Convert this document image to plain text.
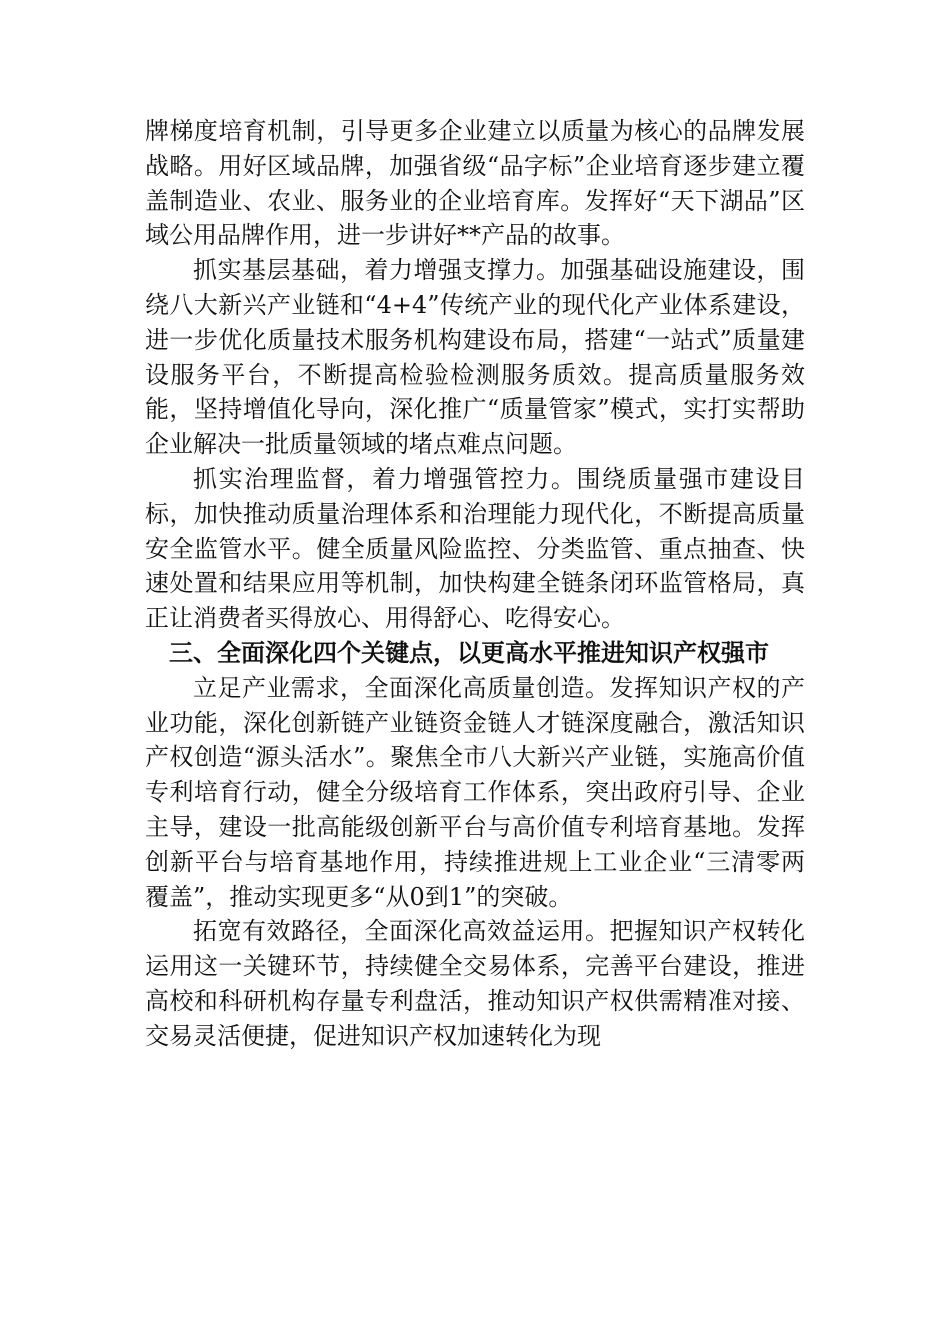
牌梯度培育机制，引导更多企业建立以质量为核心的品牌发展战略。用好区域品牌，加强省级“品字标”企业培育逐步建立覆盖制造业、农业、服务业的企业培育库。发挥好“天下湖品”区域公用品牌作用，进一步讲好**产品的故事。

抓实基层基础，着力增强支撑力。加强基础设施建设，围绕八大新兴产业链和“4+4”传统产业的现代化产业体系建设，进一步优化质量技术服务机构建设布局，搭建“一站式”质量建设服务平台，不断提高检验检测服务质效。提高质量服务效能，坚持增值化导向，深化推广“质量管家”模式，实打实帮助企业解决一批质量领域的堵点难点问题。

抓实治理监督，着力增强管控力。围绕质量强市建设目标，加快推动质量治理体系和治理能力现代化，不断提高质量安全监管水平。健全质量风险监控、分类监管、重点抽查、快速处置和结果应用等机制，加快构建全链条闭环监管格局，真正让消费者买得放心、用得舒心、吃得安心。

三、全面深化四个关键点，以更高水平推进知识产权强市

立足产业需求，全面深化高质量创造。发挥知识产权的产业功能，深化创新链产业链资金链人才链深度融合，激活知识产权创造“源头活水”。聚焦全市八大新兴产业链，实施高价值专利培育行动，健全分级培育工作体系，突出政府引导、企业主导，建设一批高能级创新平台与高价值专利培育基地。发挥创新平台与培育基地作用，持续推进规上工业企业“三清零两覆盖”，推动实现更多“从0到1”的突破。

拓宽有效路径，全面深化高效益运用。把握知识产权转化运用这一关键环节，持续健全交易体系，完善平台建设，推进高校和科研机构存量专利盘活，推动知识产权供需精准对接、交易灵活便捷，促进知识产权加速转化为现
